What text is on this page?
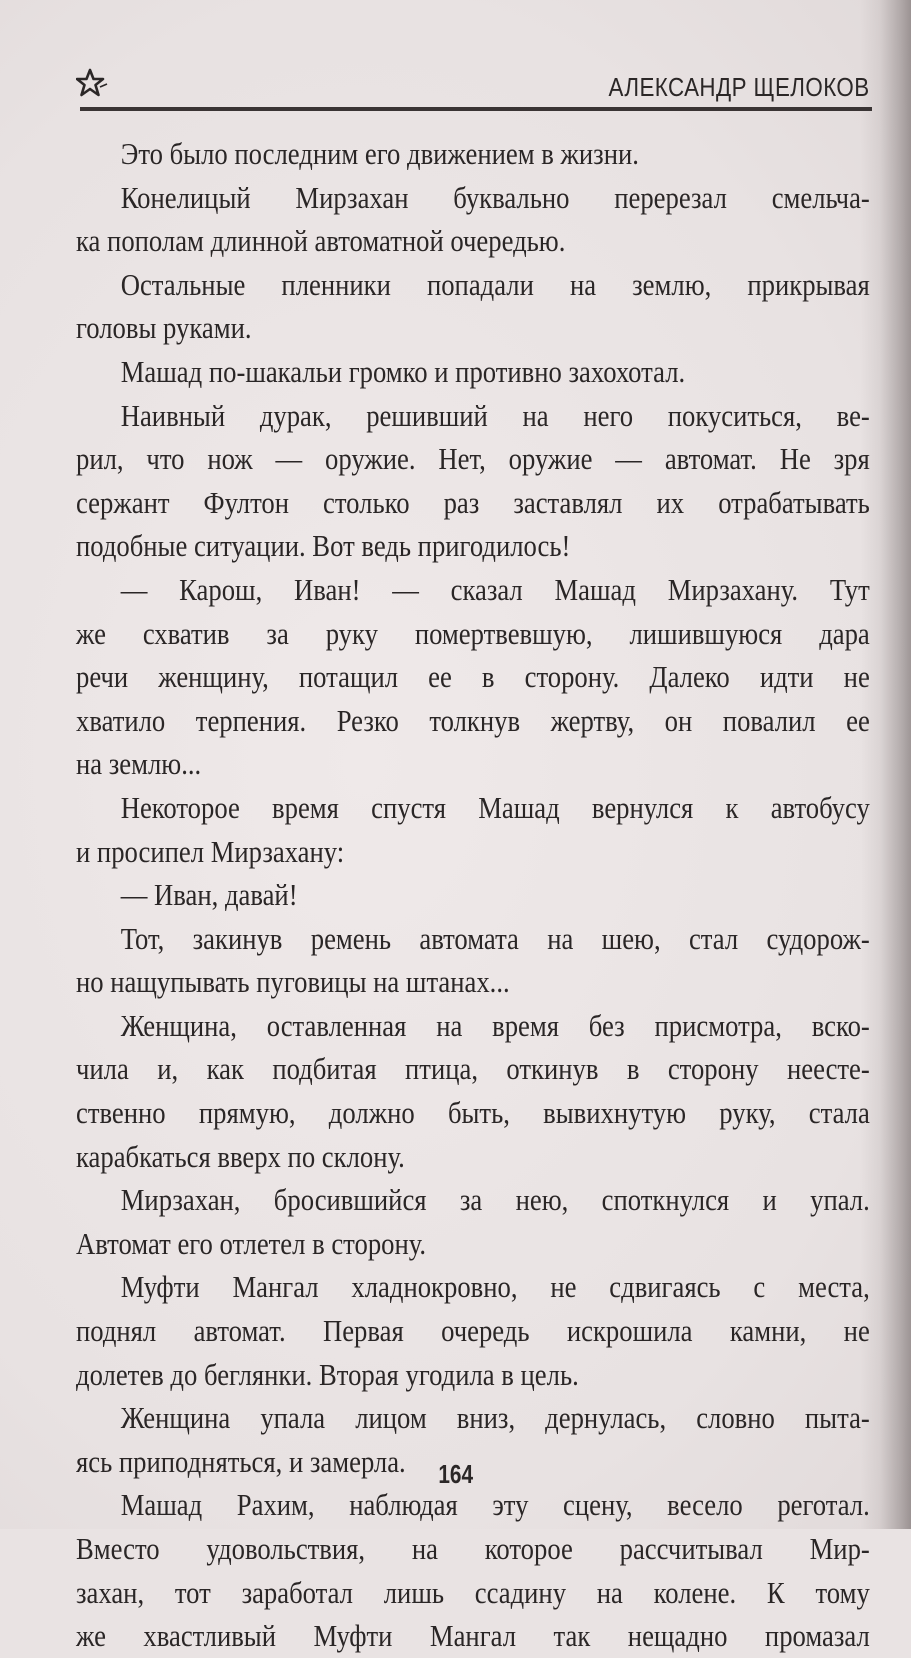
АЛЕКСАНДР ЩЕЛОКОВ
Это было последним его движением в жизни.
Конелицый Мирзахан буквально перерезал смельча-
ка пополам длинной автоматной очередью.
Остальные пленники попадали на землю, прикрывая
головы руками.
Машад по-шакальи громко и противно захохотал.
Наивный дурак, решивший на него покуситься, ве-
рил, что нож — оружие. Нет, оружие — автомат. Не зря
сержант Фултон столько раз заставлял их отрабатывать
подобные ситуации. Вот ведь пригодилось!
— Карош, Иван! — сказал Машад Мирзахану. Тут
же схватив за руку помертвевшую, лишившуюся дара
речи женщину, потащил ее в сторону. Далеко идти не
хватило терпения. Резко толкнув жертву, он повалил ее
на землю...
Некоторое время спустя Машад вернулся к автобусу
и просипел Мирзахану:
— Иван, давай!
Тот, закинув ремень автомата на шею, стал судорож-
но нащупывать пуговицы на штанах...
Женщина, оставленная на время без присмотра, вско-
чила и, как подбитая птица, откинув в сторону неесте-
ственно прямую, должно быть, вывихнутую руку, стала
карабкаться вверх по склону.
Мирзахан, бросившийся за нею, споткнулся и упал.
Автомат его отлетел в сторону.
Муфти Мангал хладнокровно, не сдвигаясь с места,
поднял автомат. Первая очередь искрошила камни, не
долетев до беглянки. Вторая угодила в цель.
Женщина упала лицом вниз, дернулась, словно пыта-
ясь приподняться, и замерла.
Машад Рахим, наблюдая эту сцену, весело реготал.
Вместо удовольствия, на которое рассчитывал Мир-
захан, тот заработал лишь ссадину на колене. К тому
же хвастливый Муфти Мангал так нещадно промазал
164
